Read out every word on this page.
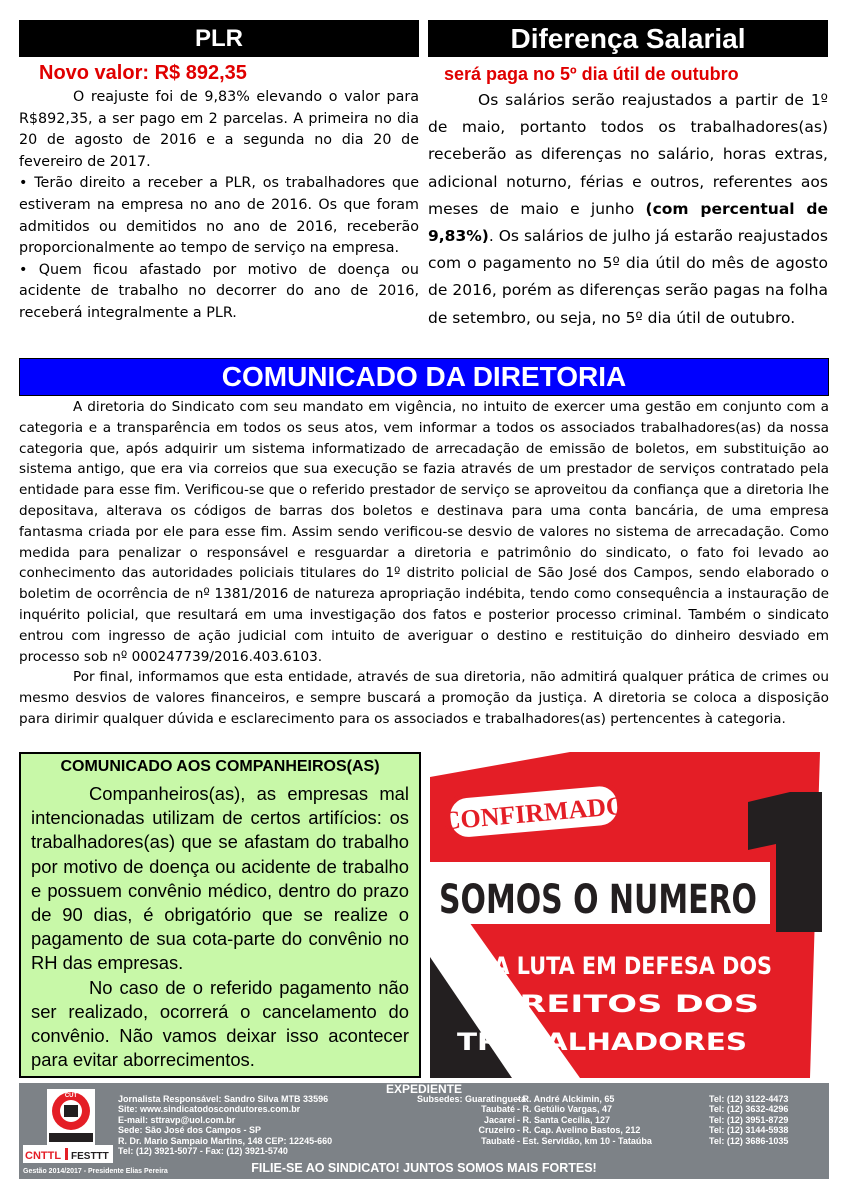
PLR
Novo valor: R$ 892,35

O reajuste foi de 9,83% elevando o valor para R$892,35, a ser pago em 2 parcelas. A primeira no dia 20 de agosto de 2016 e a segunda no dia 20 de fevereiro de 2017.

• Terão direito a receber a PLR, os trabalhadores que estiveram na empresa no ano de 2016. Os que foram admitidos ou demitidos no ano de 2016, receberão proporcionalmente ao tempo de serviço na empresa.

• Quem ficou afastado por motivo de doença ou acidente de trabalho no decorrer do ano de 2016, receberá integralmente a PLR.

Diferença Salarial
será paga no 5º dia útil de outubro
Os salários serão reajustados a partir de 1º de maio, portanto todos os trabalhadores(as) receberão as diferenças no salário, horas extras, adicional noturno, férias e outros, referentes aos meses de maio e junho (com percentual de 9,83%). Os salários de julho já estarão reajustados com o pagamento no 5º dia útil do mês de agosto de 2016, porém as diferenças serão pagas na folha de setembro, ou seja, no 5º dia útil de outubro.
COMUNICADO DA DIRETORIA

A diretoria do Sindicato com seu mandato em vigência, no intuito de exercer uma gestão em conjunto com a categoria e a transparência em todos os seus atos, vem informar a todos os associados trabalhadores(as) da nossa categoria que, após adquirir um sistema informatizado de arrecadação de emissão de boletos, em substituição ao sistema antigo, que era via correios que sua execução se fazia através de um prestador de serviços contratado pela entidade para esse fim. Verificou-se que o referido prestador de serviço se aproveitou da confiança que a diretoria lhe depositava, alterava os códigos de barras dos boletos e destinava para uma conta bancária, de uma empresa fantasma criada por ele para esse fim. Assim sendo verificou-se desvio de valores no sistema de arrecadação. Como medida para penalizar o responsável e resguardar a diretoria e patrimônio do sindicato, o fato foi levado ao conhecimento das autoridades policiais titulares do 1º distrito policial de São José dos Campos, sendo elaborado o boletim de ocorrência de nº 1381/2016 de natureza apropriação indébita, tendo como consequência a instauração de inquérito policial, que resultará em uma investigação dos fatos e posterior processo criminal. Também o sindicato entrou com ingresso de ação judicial com intuito de averiguar o destino e restituição do dinheiro desviado em processo sob nº 000247739/2016.403.6103.

Por final, informamos que esta entidade, através de sua diretoria, não admitirá qualquer prática de crimes ou mesmo desvios de valores financeiros, e sempre buscará a promoção da justiça. A diretoria se coloca a disposição para dirimir qualquer dúvida e esclarecimento para os associados e trabalhadores(as) pertencentes à categoria.

COMUNICADO AOS COMPANHEIROS(AS)

Companheiros(as), as empresas mal intencionadas utilizam de certos artifícios: os trabalhadores(as) que se afastam do trabalho por motivo de doença ou acidente de trabalho e possuem convênio médico, dentro do prazo de 90 dias, é obrigatório que se realize o pagamento de sua cota-parte do convênio no RH das empresas.

No caso de o referido pagamento não ser realizado, ocorrerá o cancelamento do convênio. Não vamos deixar isso acontecer para evitar aborrecimentos.

CONFIRMADO
SOMOS O NUMERO
NA LUTA EM DEFESA DOS
DIREITOS DOS
TRABALHADORES
EXPEDIENTE
CUT
CNTTL FESTTT
Jornalista Responsável: Sandro Silva MTB 33596
Site: www.sindicatodoscondutores.com.br
E-mail: sttravp@uol.com.br
Sede: São José dos Campos - SP
R. Dr. Mario Sampaio Martins, 148 CEP: 12245-660
Tel: (12) 3921-5077 - Fax: (12) 3921-5740
Gestão 2014/2017 - Presidente Elias Pereira
Subsedes: Guaratinguetá
- R. André Alckimin, 65	Tel: (12) 3122-4473
Taubaté - R. Getúlio Vargas, 47	Tel: (12) 3632-4296
Jacareí - R. Santa Cecília, 127	Tel: (12) 3951-8729
Cruzeiro - R. Cap. Avelino Bastos, 212	Tel: (12) 3144-5938
Taubaté - Est. Servidão, km 10 - Tataúba	Tel: (12) 3686-1035
FILIE-SE AO SINDICATO! JUNTOS SOMOS MAIS FORTES!
